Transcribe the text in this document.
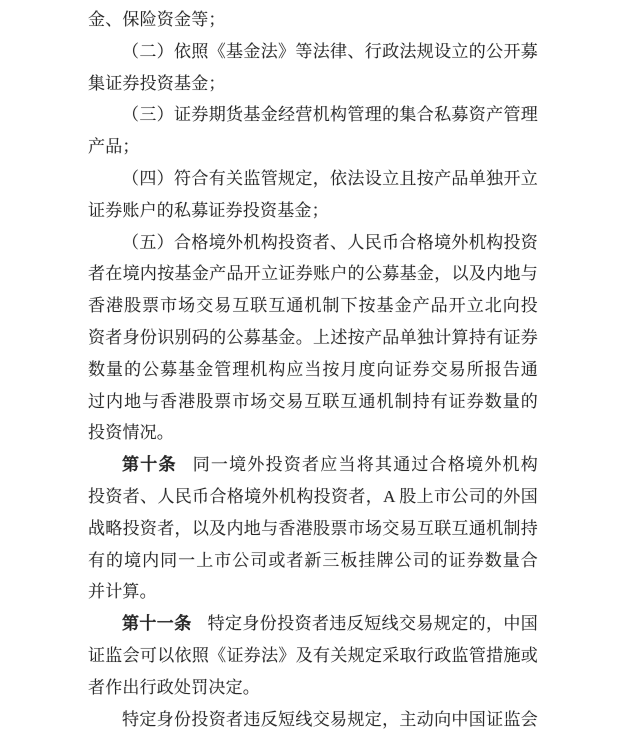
金、保险资金等；
（二）依照《基金法》等法律、行政法规设立的公开募
集证券投资基金；
（三）证券期货基金经营机构管理的集合私募资产管理
产品；
（四）符合有关监管规定，依法设立且按产品单独开立
证券账户的私募证券投资基金；
（五）合格境外机构投资者、人民币合格境外机构投资
者在境内按基金产品开立证券账户的公募基金，以及内地与
香港股票市场交易互联互通机制下按基金产品开立北向投
资者身份识别码的公募基金。上述按产品单独计算持有证券
数量的公募基金管理机构应当按月度向证券交易所报告通
过内地与香港股票市场交易互联互通机制持有证券数量的
投资情况。
第十条 同一境外投资者应当将其通过合格境外机构
投资者、人民币合格境外机构投资者，A 股上市公司的外国
战略投资者，以及内地与香港股票市场交易互联互通机制持
有的境内同一上市公司或者新三板挂牌公司的证券数量合
并计算。
第十一条 特定身份投资者违反短线交易规定的，中国
证监会可以依照《证券法》及有关规定采取行政监管措施或
者作出行政处罚决定。
特定身份投资者违反短线交易规定，主动向中国证监会
